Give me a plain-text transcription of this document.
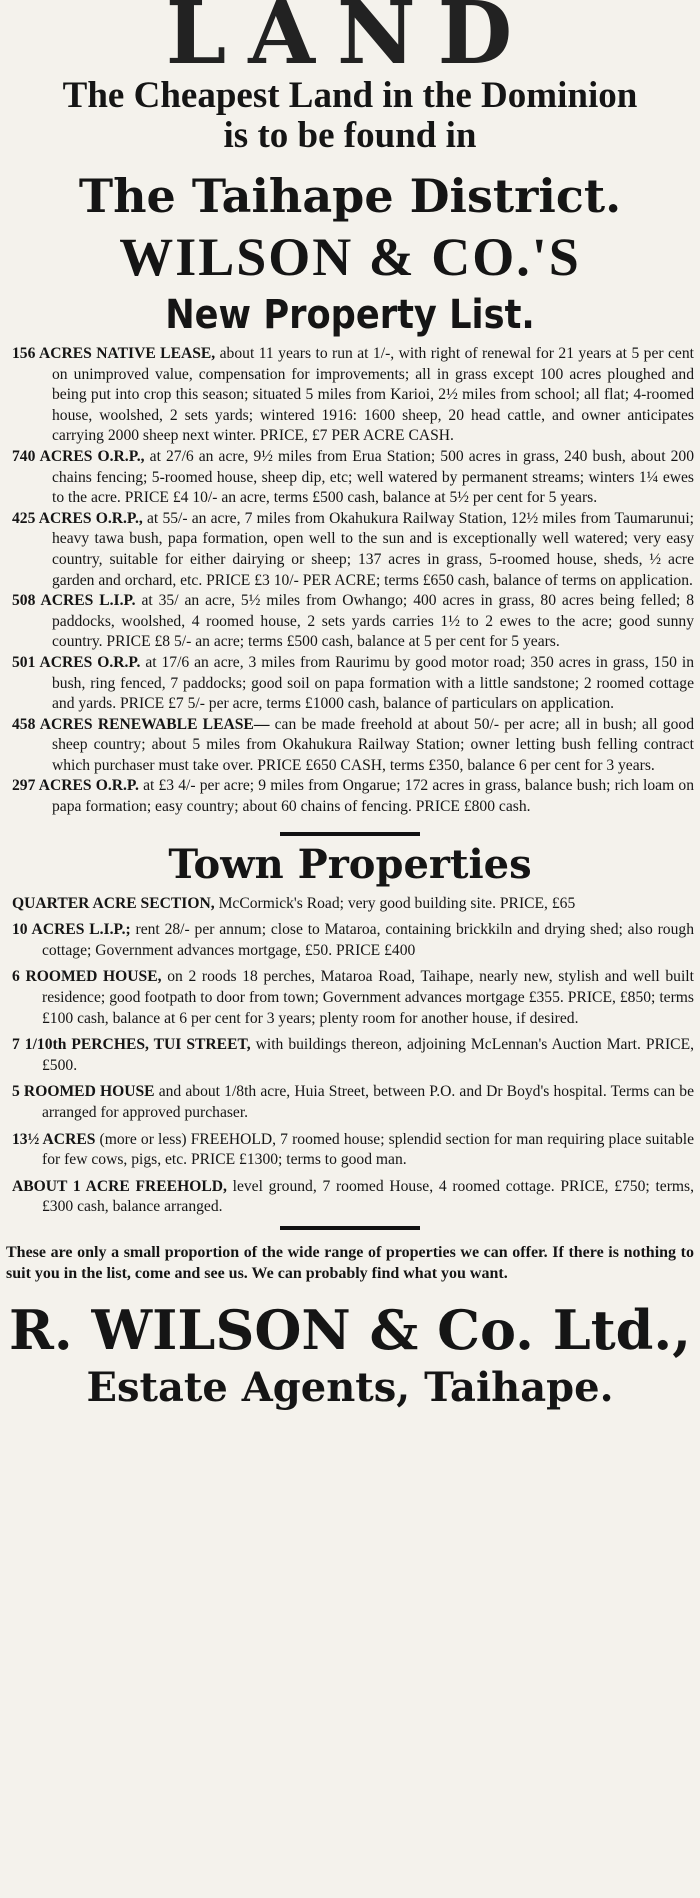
LAND
The Cheapest Land in the Dominion
is to be found in
The Taihape District.
WILSON & CO.'S
New Property List.

156 ACRES NATIVE LEASE, about 11 years to run at 1/-, with right of renewal for 21 years at 5 per cent on unimproved value, compensation for improvements; all in grass except 100 acres ploughed and being put into crop this season; situated 5 miles from Karioi, 2½ miles from school; all flat; 4-roomed house, woolshed, 2 sets yards; wintered 1916: 1600 sheep, 20 head cattle, and owner anticipates carrying 2000 sheep next winter. PRICE, £7 PER ACRE CASH.

740 ACRES O.R.P., at 27/6 an acre, 9½ miles from Erua Station; 500 acres in grass, 240 bush, about 200 chains fencing; 5-roomed house, sheep dip, etc; well watered by permanent streams; winters 1¼ ewes to the acre. PRICE £4 10/- an acre, terms £500 cash, balance at 5½ per cent for 5 years.

425 ACRES O.R.P., at 55/- an acre, 7 miles from Okahukura Railway Station, 12½ miles from Taumarunui; heavy tawa bush, papa formation, open well to the sun and is exceptionally well watered; very easy country, suitable for either dairying or sheep; 137 acres in grass, 5-roomed house, sheds, ½ acre garden and orchard, etc. PRICE £3 10/- PER ACRE; terms £650 cash, balance of terms on application.

508 ACRES L.I.P. at 35/ an acre, 5½ miles from Owhango; 400 acres in grass, 80 acres being felled; 8 paddocks, woolshed, 4 roomed house, 2 sets yards carries 1½ to 2 ewes to the acre; good sunny country. PRICE £8 5/- an acre; terms £500 cash, balance at 5 per cent for 5 years.

501 ACRES O.R.P. at 17/6 an acre, 3 miles from Raurimu by good motor road; 350 acres in grass, 150 in bush, ring fenced, 7 paddocks; good soil on papa formation with a little sandstone; 2 roomed cottage and yards. PRICE £7 5/- per acre, terms £1000 cash, balance of particulars on application.

458 ACRES RENEWABLE LEASE— can be made freehold at about 50/- per acre; all in bush; all good sheep country; about 5 miles from Okahukura Railway Station; owner letting bush felling contract which purchaser must take over. PRICE £650 CASH, terms £350, balance 6 per cent for 3 years.

297 ACRES O.R.P. at £3 4/- per acre; 9 miles from Ongarue; 172 acres in grass, balance bush; rich loam on papa formation; easy country; about 60 chains of fencing. PRICE £800 cash.

Town Properties

QUARTER ACRE SECTION, McCormick's Road; very good building site. PRICE, £65

10 ACRES L.I.P.; rent 28/- per annum; close to Mataroa, containing brickkiln and drying shed; also rough cottage; Government advances mortgage, £50. PRICE £400

6 ROOMED HOUSE, on 2 roods 18 perches, Mataroa Road, Taihape, nearly new, stylish and well built residence; good footpath to door from town; Government advances mortgage £355. PRICE, £850; terms £100 cash, balance at 6 per cent for 3 years; plenty room for another house, if desired.

7 1/10th PERCHES, TUI STREET, with buildings thereon, adjoining McLennan's Auction Mart. PRICE, £500.

5 ROOMED HOUSE and about 1/8th acre, Huia Street, between P.O. and Dr Boyd's hospital. Terms can be arranged for approved purchaser.

13½ ACRES (more or less) FREEHOLD, 7 roomed house; splendid section for man requiring place suitable for few cows, pigs, etc. PRICE £1300; terms to good man.

ABOUT 1 ACRE FREEHOLD, level ground, 7 roomed House, 4 roomed cottage. PRICE, £750; terms, £300 cash, balance arranged.

These are only a small proportion of the wide range of properties we can offer. If there is nothing to suit you in the list, come and see us. We can probably find what you want.

R. WILSON & Co. Ltd.,
Estate Agents, Taihape.
